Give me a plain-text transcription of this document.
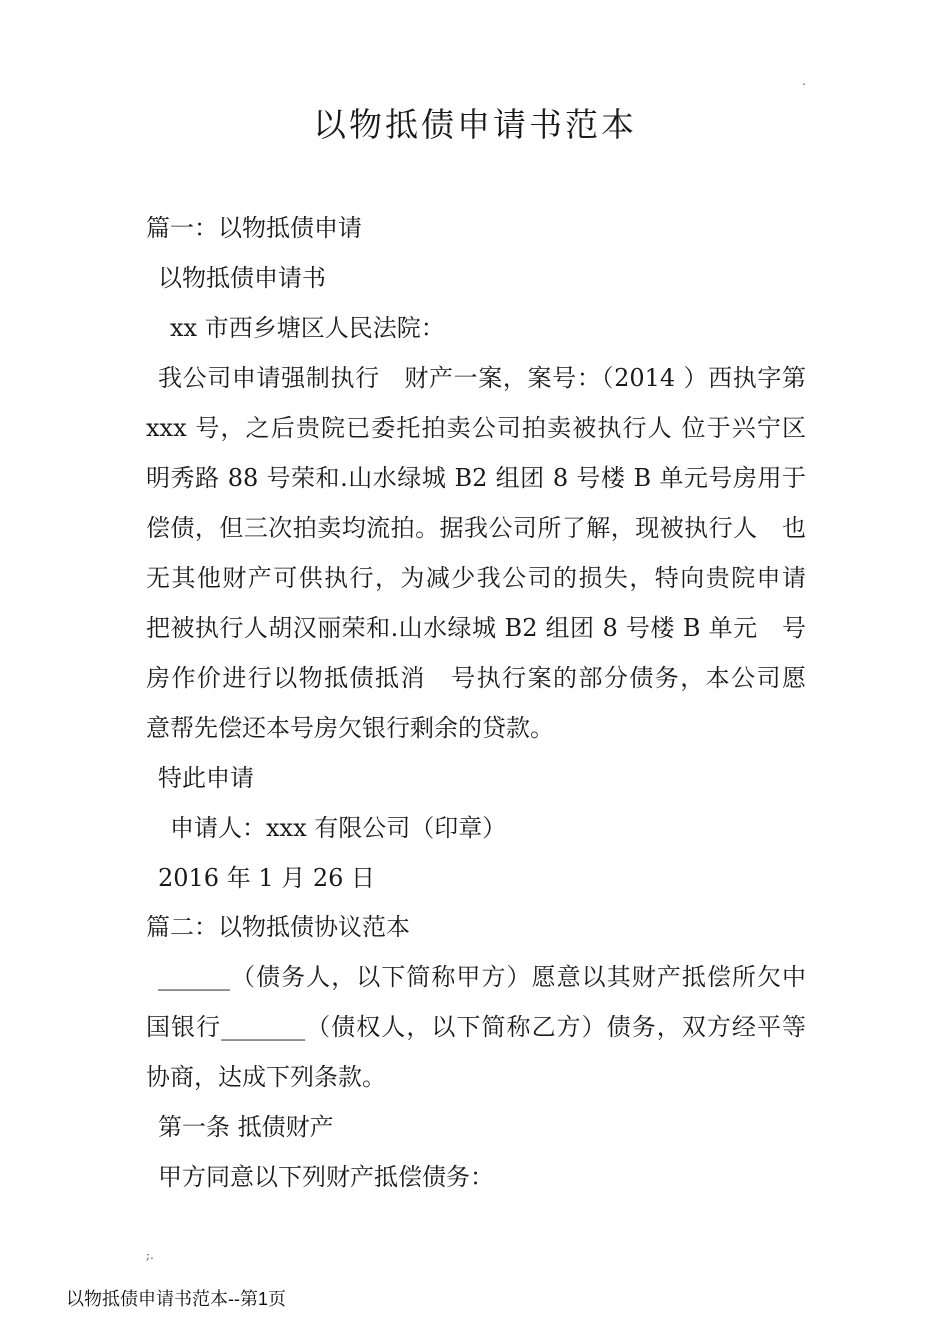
.
以物抵债申请书范本
篇一：以物抵债申请
以物抵债申请书
xx 市西乡塘区人民法院：
我公司申请强制执行　财产一案，案号：（2014 ）西执字第
xxx 号，之后贵院已委托拍卖公司拍卖被执行人 位于兴宁区
明秀路 88 号荣和.山水绿城 B2 组团 8 号楼 B 单元号房用于
偿债，但三次拍卖均流拍。据我公司所了解，现被执行人　也
无其他财产可供执行，为减少我公司的损失，特向贵院申请
把被执行人胡汉丽荣和.山水绿城 B2 组团 8 号楼 B 单元　号
房作价进行以物抵债抵消　号执行案的部分债务，本公司愿
意帮先偿还本号房欠银行剩余的贷款。
特此申请
申请人：xxx 有限公司（印章）
2016 年 1 月 26 日
篇二：以物抵债协议范本
______（债务人，以下简称甲方）愿意以其财产抵偿所欠中
国银行_______（债权人，以下简称乙方）债务，双方经平等
协商，达成下列条款。
第一条 抵债财产
甲方同意以下列财产抵偿债务：
;.
以物抵债申请书范本--第1页
